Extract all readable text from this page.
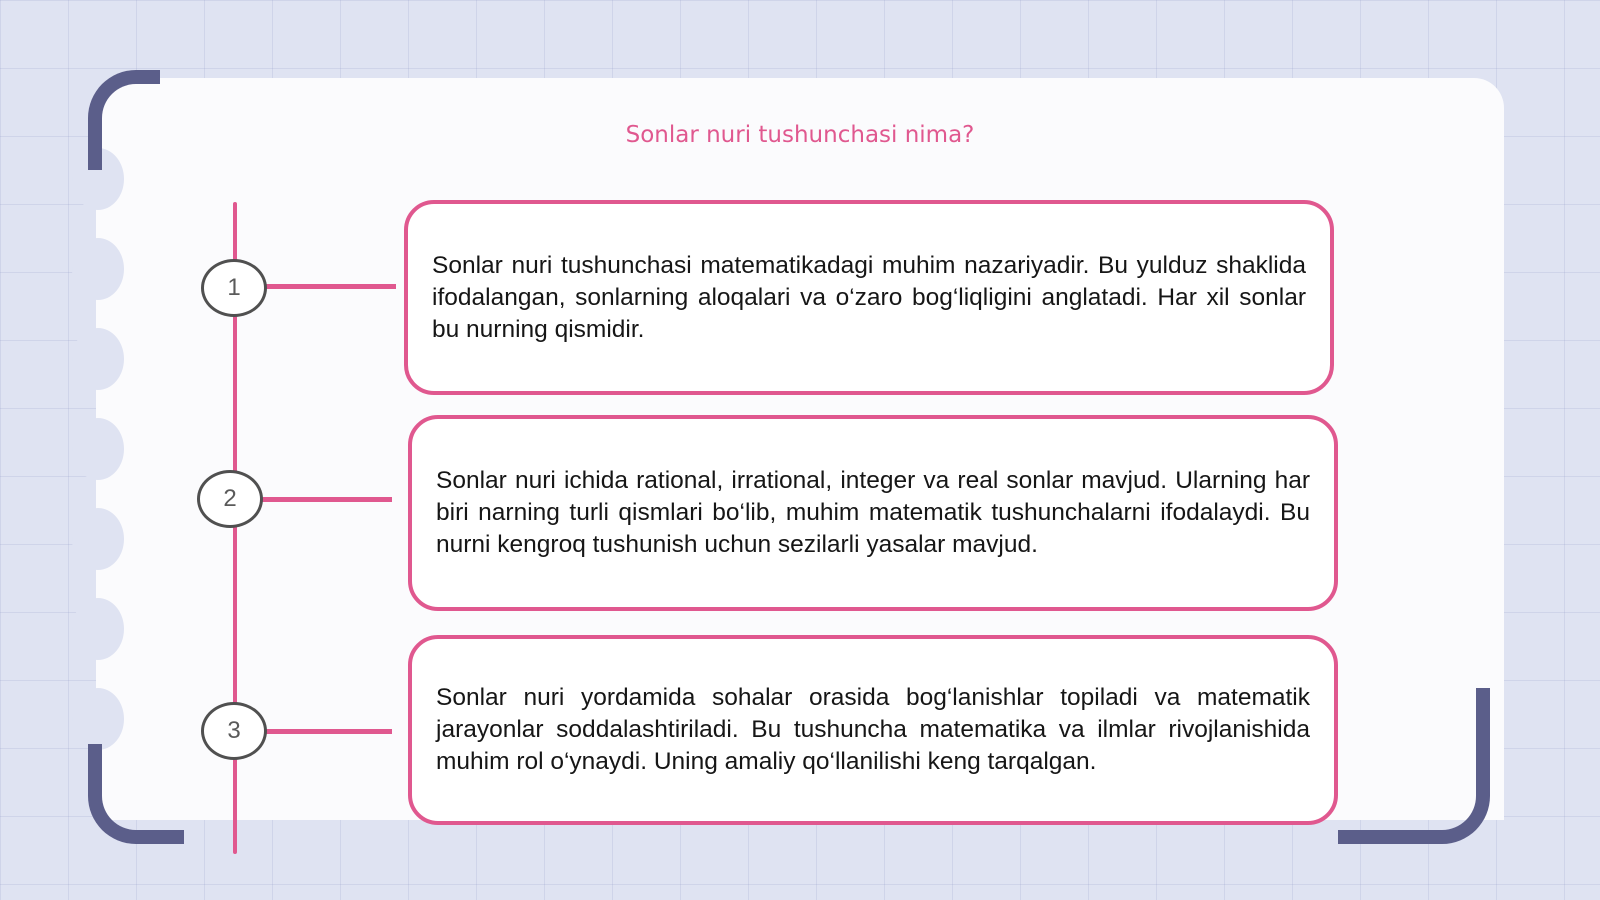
Sonlar nuri tushunchasi nima?
1
2
3

Sonlar nuri tushunchasi matematikadagi muhim nazariyadir. Bu yulduz shaklida ifodalangan, sonlarning aloqalari va o‘zaro bog‘liqligini anglatadi. Har xil sonlar bu nurning qismidir.

Sonlar nuri ichida rational, irrational, integer va real sonlar mavjud. Ularning har biri narning turli qismlari bo‘lib, muhim matematik tushunchalarni ifodalaydi. Bu nurni kengroq tushunish uchun sezilarli yasalar mavjud.

Sonlar nuri yordamida sohalar orasida bog‘lanishlar topiladi va matematik jarayonlar soddalashtiriladi. Bu tushuncha matematika va ilmlar rivojlanishida muhim rol o‘ynaydi. Uning amaliy qo‘llanilishi keng tarqalgan.
